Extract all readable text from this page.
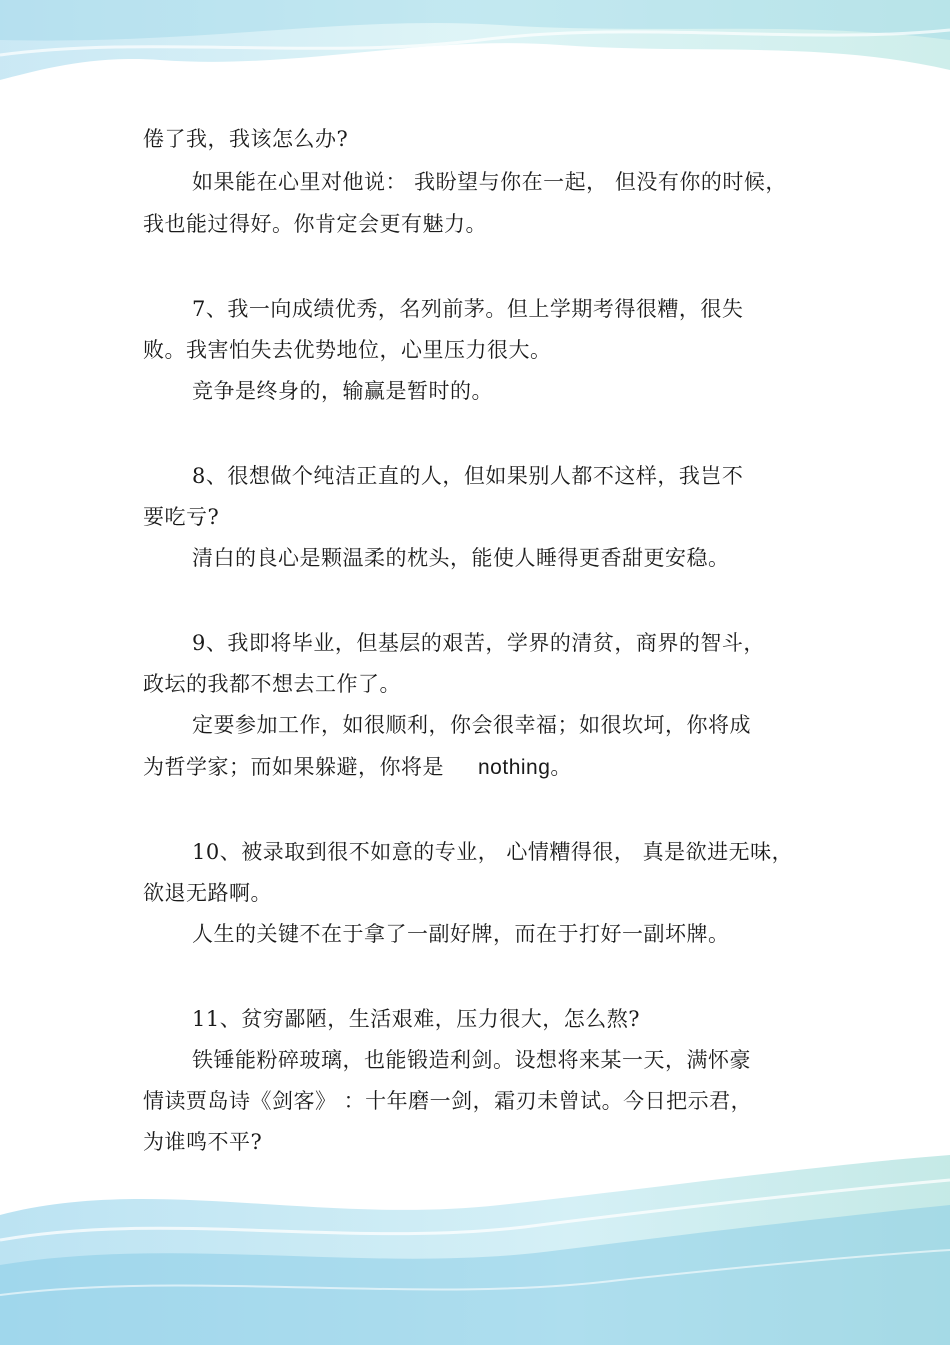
倦了我，我该怎么办?
如果能在心里对他说： 我盼望与你在一起， 但没有你的时候，
我也能过得好。你肯定会更有魅力。
7、我一向成绩优秀，名列前茅。但上学期考得很糟，很失
败。我害怕失去优势地位，心里压力很大。
竞争是终身的，输赢是暂时的。
8、很想做个纯洁正直的人，但如果别人都不这样，我岂不
要吃亏?
清白的良心是颗温柔的枕头，能使人睡得更香甜更安稳。
9、我即将毕业，但基层的艰苦，学界的清贫，商界的智斗，
政坛的我都不想去工作了。
定要参加工作，如很顺利，你会很幸福；如很坎坷，你将成
为哲学家；而如果躲避，你将是 nothing。
10、被录取到很不如意的专业， 心情糟得很， 真是欲进无味，
欲退无路啊。
人生的关键不在于拿了一副好牌，而在于打好一副坏牌。
11、贫穷鄙陋，生活艰难，压力很大，怎么熬?
铁锤能粉碎玻璃，也能锻造利剑。设想将来某一天，满怀豪
情读贾岛诗《剑客》 ：十年磨一剑，霜刃未曾试。今日把示君，
为谁鸣不平?
